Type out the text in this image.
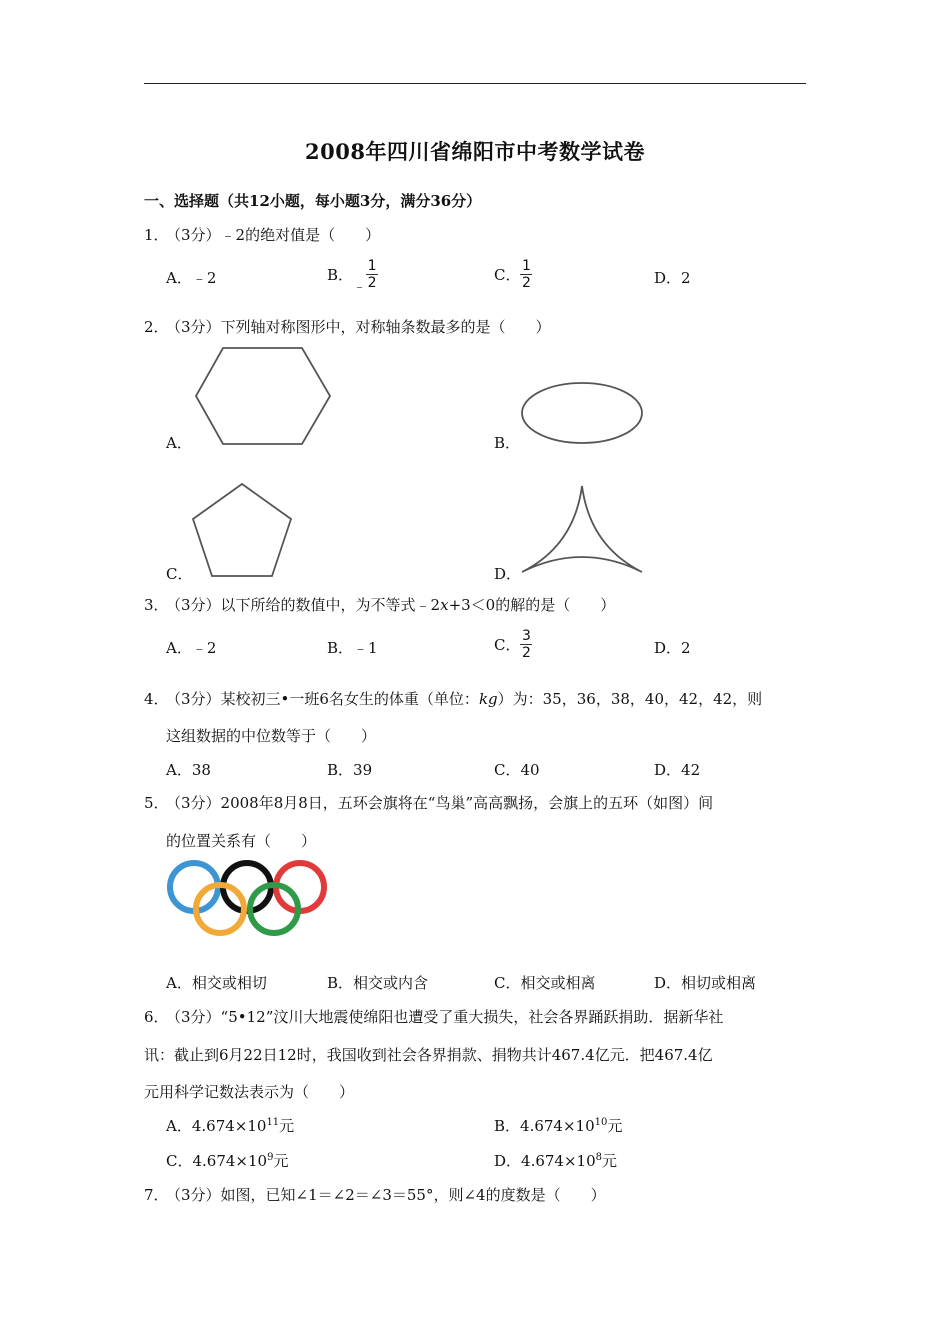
2008年四川省绵阳市中考数学试卷
一、选择题（共12小题，每小题3分，满分36分）
1．（3分）﹣2的绝对值是（　　）
A．﹣2	B．﹣ $\frac{1}{2}$	C． $\frac{1}{2}$	D．2
2．（3分）下列轴对称图形中，对称轴条数最多的是（　　）
A．	B．
C．	D．
3．（3分）以下所给的数值中，为不等式﹣2x+3＜0的解的是（　　）
A．﹣2	B．﹣1	C． $\frac{3}{2}$	D．2
4．（3分）某校初三•一班6名女生的体重（单位：kg）为：35，36，38，40，42，42，则
这组数据的中位数等于（　　）
A．38	B．39	C．40	D．42
5．（3分）2008年8月8日，五环会旗将在“鸟巢”高高飘扬，会旗上的五环（如图）间
的位置关系有（　　）
A．相交或相切	B．相交或内含	C．相交或相离	D．相切或相离
6．（3分）“5•12”汶川大地震使绵阳也遭受了重大损失，社会各界踊跃捐助．据新华社
讯：截止到6月22日12时，我国收到社会各界捐款、捐物共计467.4亿元．把467.4亿
元用科学记数法表示为（　　）
A．$4.674\times 10^{11}$元	B．$4.674\times 10^{10}$元
C．$4.674\times 10^9$元	D．$4.674\times 10^8$元
7．（3分）如图，已知∠1＝∠2＝∠3＝55°，则∠4的度数是（　　）
